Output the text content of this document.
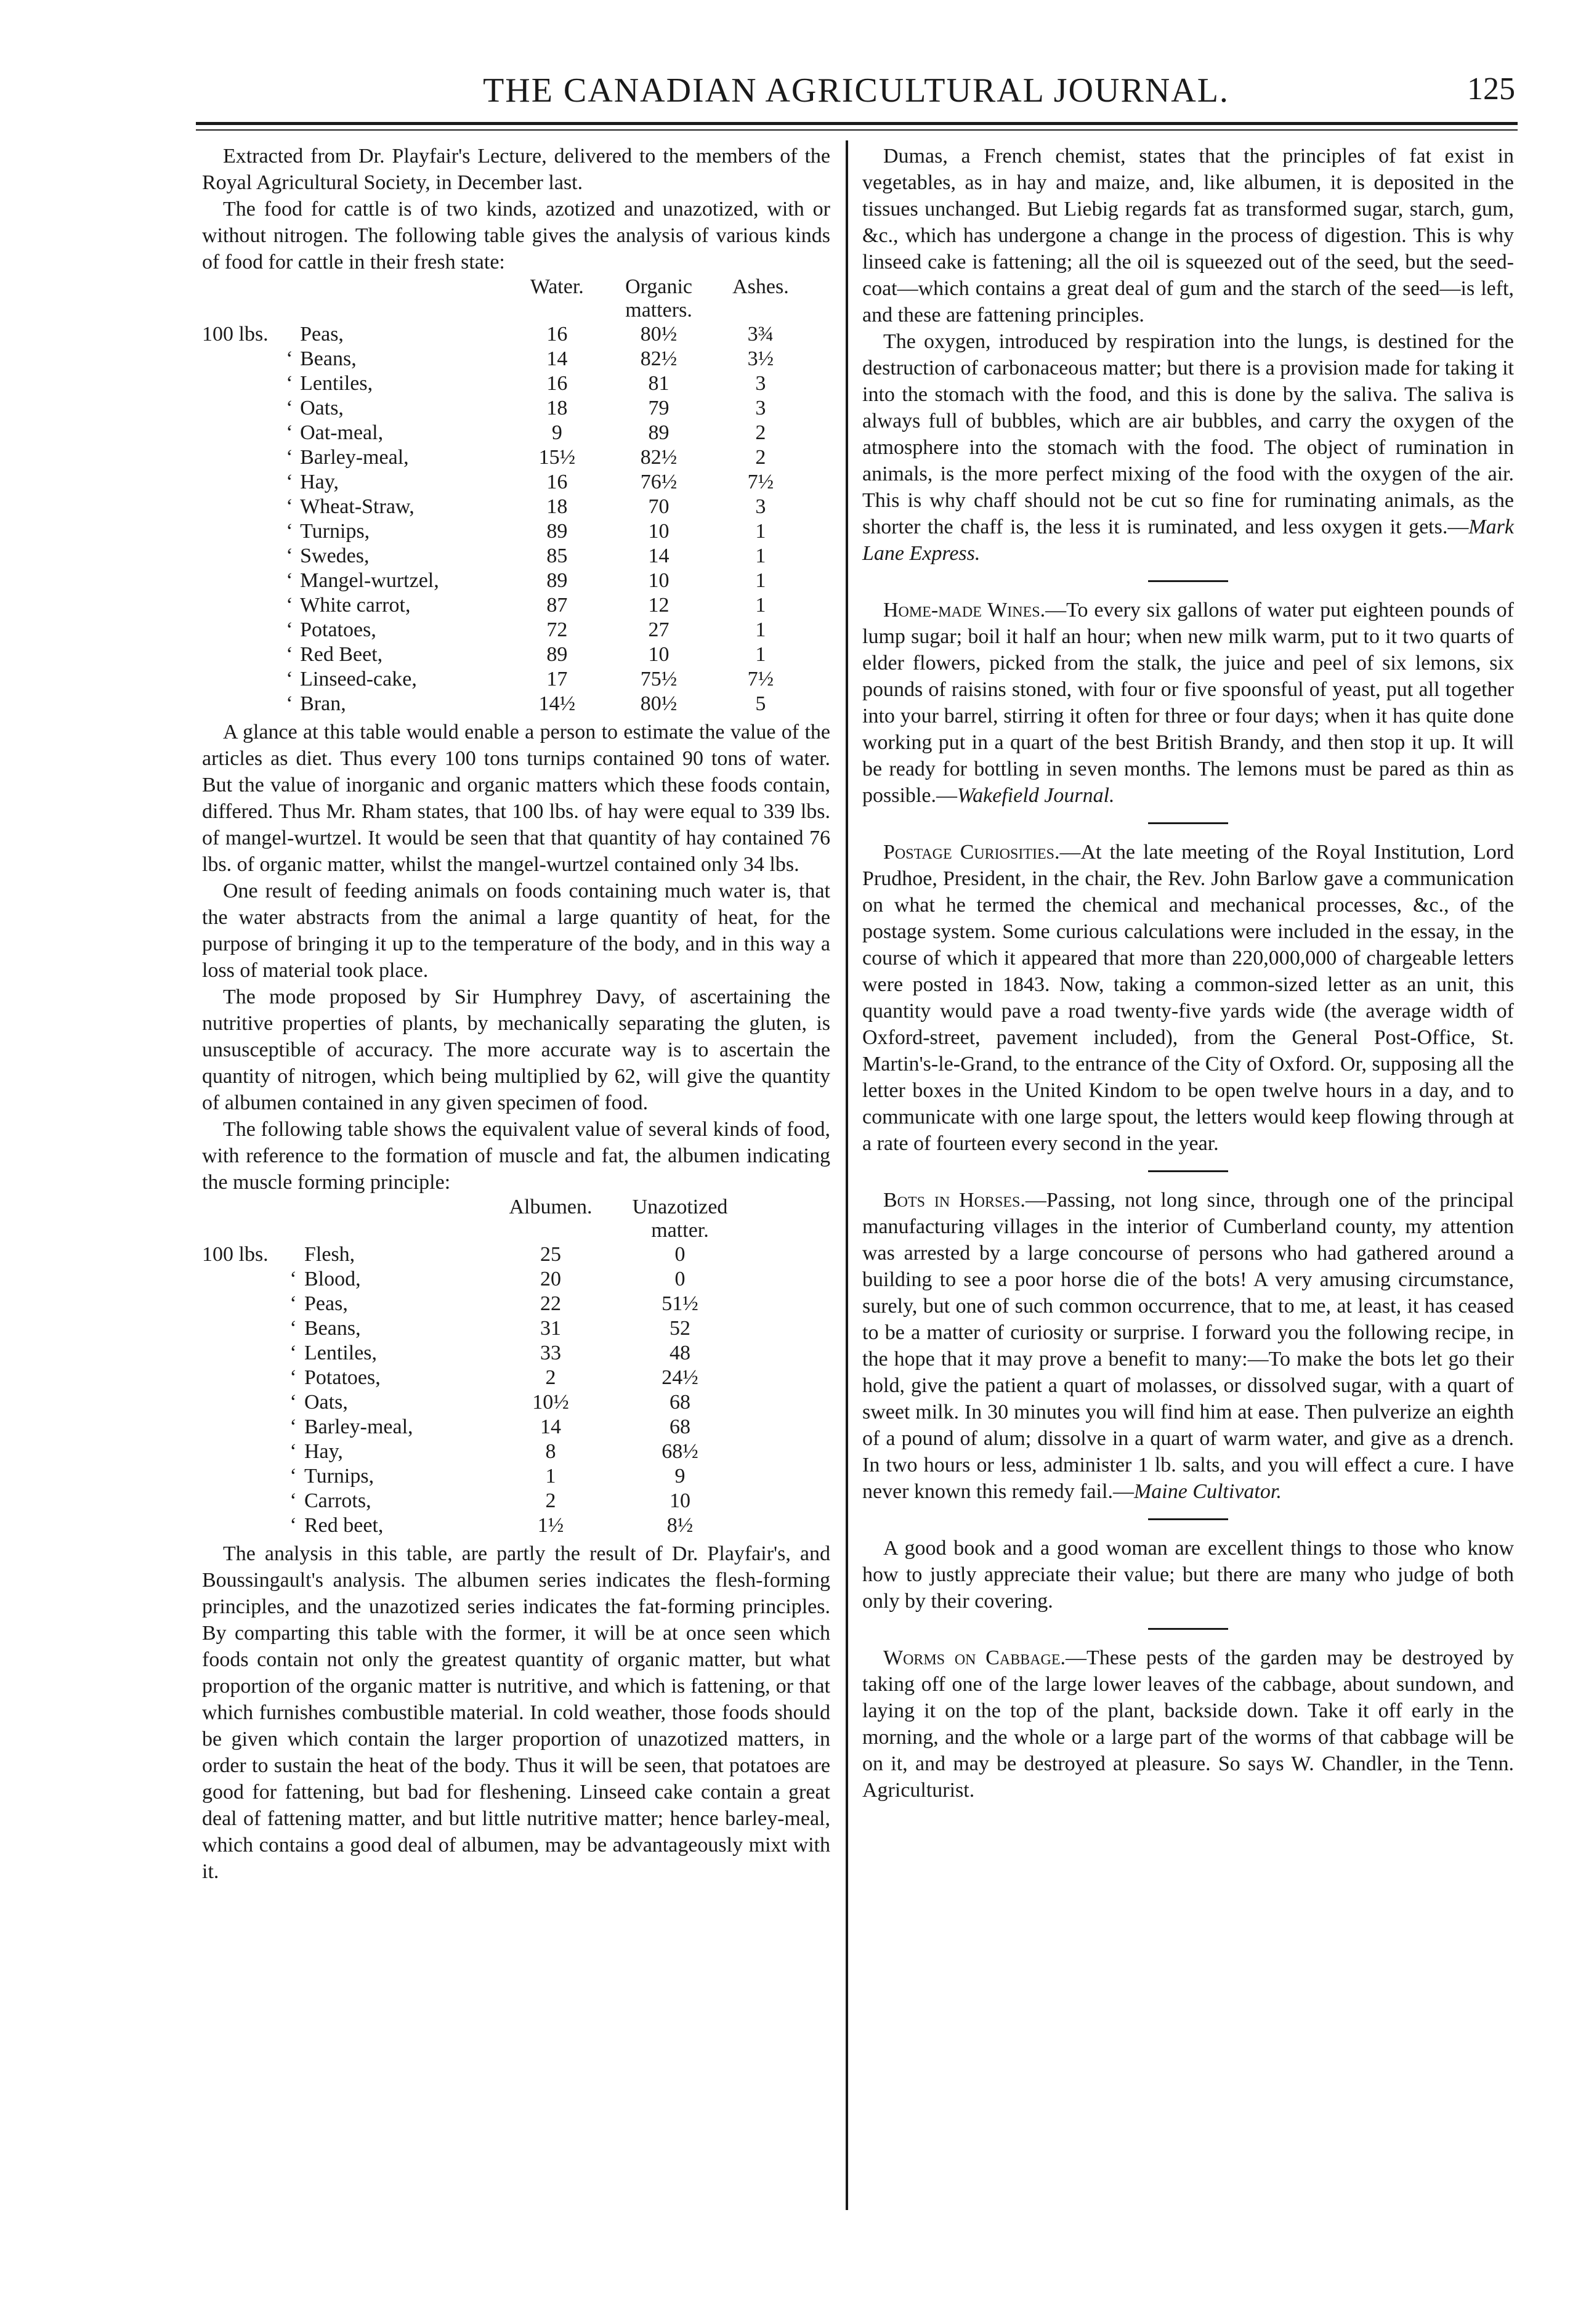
THE CANADIAN AGRICULTURAL JOURNAL.	125

Extracted from Dr. Playfair's Lecture, delivered to the members of the Royal Agricultural Society, in December last.

The food for cattle is of two kinds, azotized and unazotized, with or without nitrogen. The following table gives the analysis of various kinds of food for cattle in their fresh state:

			Water.	Organic matters.	Ashes.
100 lbs.		Peas,	16	80½	3¾
	‘	Beans,	14	82½	3½
	‘	Lentiles,	16	81	3
	‘	Oats,	18	79	3
	‘	Oat-meal,	9	89	2
	‘	Barley-meal,	15½	82½	2
	‘	Hay,	16	76½	7½
	‘	Wheat-Straw,	18	70	3
	‘	Turnips,	89	10	1
	‘	Swedes,	85	14	1
	‘	Mangel-wurtzel,	89	10	1
	‘	White carrot,	87	12	1
	‘	Potatoes,	72	27	1
	‘	Red Beet,	89	10	1
	‘	Linseed-cake,	17	75½	7½
	‘	Bran,	14½	80½	5

A glance at this table would enable a person to estimate the value of the articles as diet. Thus every 100 tons turnips contained 90 tons of water. But the value of inorganic and organic matters which these foods contain, differed. Thus Mr. Rham states, that 100 lbs. of hay were equal to 339 lbs. of mangel-wurtzel. It would be seen that that quantity of hay contained 76 lbs. of organic matter, whilst the mangel-wurtzel contained only 34 lbs.

One result of feeding animals on foods containing much water is, that the water abstracts from the animal a large quantity of heat, for the purpose of bringing it up to the temperature of the body, and in this way a loss of material took place.

The mode proposed by Sir Humphrey Davy, of ascertaining the nutritive properties of plants, by mechanically separating the gluten, is unsusceptible of accuracy. The more accurate way is to ascertain the quantity of nitrogen, which being multiplied by 62, will give the quantity of albumen contained in any given specimen of food.

The following table shows the equivalent value of several kinds of food, with reference to the formation of muscle and fat, the albumen indicating the muscle forming principle:

			Albumen.	Unazotized matter.	
100 lbs.		Flesh,	25	0	
	‘	Blood,	20	0	
	‘	Peas,	22	51½	
	‘	Beans,	31	52	
	‘	Lentiles,	33	48	
	‘	Potatoes,	2	24½	
	‘	Oats,	10½	68	
	‘	Barley-meal,	14	68	
	‘	Hay,	8	68½	
	‘	Turnips,	1	9	
	‘	Carrots,	2	10	
	‘	Red beet,	1½	8½	

The analysis in this table, are partly the result of Dr. Playfair's, and Boussingault's analysis. The albumen series indicates the flesh-forming principles, and the unazotized series indicates the fat-forming principles. By comparting this table with the former, it will be at once seen which foods contain not only the greatest quantity of organic matter, but what proportion of the organic matter is nutritive, and which is fattening, or that which furnishes combustible material. In cold weather, those foods should be given which contain the larger proportion of unazotized matters, in order to sustain the heat of the body. Thus it will be seen, that potatoes are good for fattening, but bad for fleshening. Linseed cake contain a great deal of fattening matter, and but little nutritive matter; hence barley-meal, which contains a good deal of albumen, may be advantageously mixt with it.

Dumas, a French chemist, states that the principles of fat exist in vegetables, as in hay and maize, and, like albumen, it is deposited in the tissues unchanged. But Liebig regards fat as transformed sugar, starch, gum, &c., which has undergone a change in the process of digestion. This is why linseed cake is fattening; all the oil is squeezed out of the seed, but the seed-coat—which contains a great deal of gum and the starch of the seed—is left, and these are fattening principles.

The oxygen, introduced by respiration into the lungs, is destined for the destruction of carbonaceous matter; but there is a provision made for taking it into the stomach with the food, and this is done by the saliva. The saliva is always full of bubbles, which are air bubbles, and carry the oxygen of the atmosphere into the stomach with the food. The object of rumination in animals, is the more perfect mixing of the food with the oxygen of the air. This is why chaff should not be cut so fine for ruminating animals, as the shorter the chaff is, the less it is ruminated, and less oxygen it gets.—Mark Lane Express.

Home-made Wines.—To every six gallons of water put eighteen pounds of lump sugar; boil it half an hour; when new milk warm, put to it two quarts of elder flowers, picked from the stalk, the juice and peel of six lemons, six pounds of raisins stoned, with four or five spoonsful of yeast, put all together into your barrel, stirring it often for three or four days; when it has quite done working put in a quart of the best British Brandy, and then stop it up. It will be ready for bottling in seven months. The lemons must be pared as thin as possible.—Wakefield Journal.

Postage Curiosities.—At the late meeting of the Royal Institution, Lord Prudhoe, President, in the chair, the Rev. John Barlow gave a communication on what he termed the chemical and mechanical processes, &c., of the postage system. Some curious calculations were included in the essay, in the course of which it appeared that more than 220,000,000 of chargeable letters were posted in 1843. Now, taking a common-sized letter as an unit, this quantity would pave a road twenty-five yards wide (the average width of Oxford-street, pavement included), from the General Post-Office, St. Martin's-le-Grand, to the entrance of the City of Oxford. Or, supposing all the letter boxes in the United Kindom to be open twelve hours in a day, and to communicate with one large spout, the letters would keep flowing through at a rate of fourteen every second in the year.

Bots in Horses.—Passing, not long since, through one of the principal manufacturing villages in the interior of Cumberland county, my attention was arrested by a large concourse of persons who had gathered around a building to see a poor horse die of the bots! A very amusing circumstance, surely, but one of such common occurrence, that to me, at least, it has ceased to be a matter of curiosity or surprise. I forward you the following recipe, in the hope that it may prove a benefit to many:—To make the bots let go their hold, give the patient a quart of molasses, or dissolved sugar, with a quart of sweet milk. In 30 minutes you will find him at ease. Then pulverize an eighth of a pound of alum; dissolve in a quart of warm water, and give as a drench. In two hours or less, administer 1 lb. salts, and you will effect a cure. I have never known this remedy fail.—Maine Cultivator.

A good book and a good woman are excellent things to those who know how to justly appreciate their value; but there are many who judge of both only by their covering.

Worms on Cabbage.—These pests of the garden may be destroyed by taking off one of the large lower leaves of the cabbage, about sundown, and laying it on the top of the plant, backside down. Take it off early in the morning, and the whole or a large part of the worms of that cabbage will be on it, and may be destroyed at pleasure. So says W. Chandler, in the Tenn. Agriculturist.
